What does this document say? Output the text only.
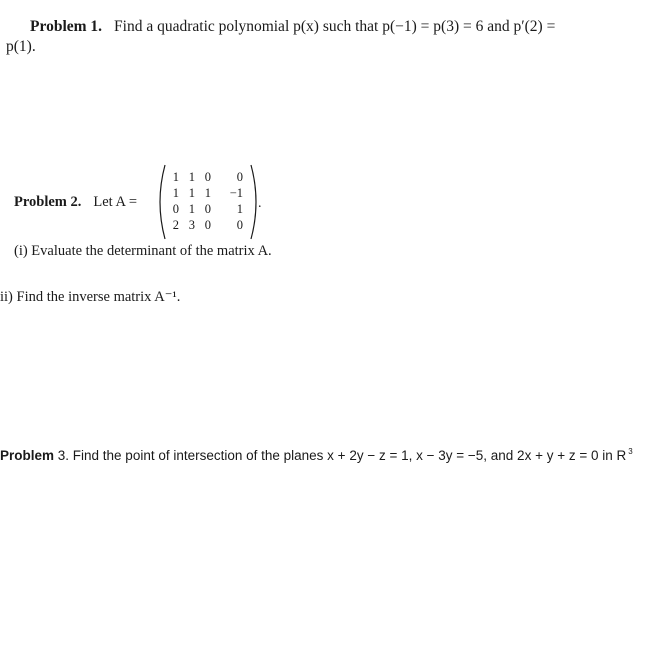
Problem 1. Find a quadratic polynomial p(x) such that p(−1) = p(3) = 6 and p′(2) =
p(1).
Problem 2. Let A =
1 1 0	0
1 1 1 −1
0 1 0	1
2 3 0	0
.
(i) Evaluate the determinant of the matrix A.
ii) Find the inverse matrix A⁻¹.
Problem 3. Find the point of intersection of the planes x + 2y − z = 1, x − 3y = −5, and 2x + y + z = 0 in R $^3$
